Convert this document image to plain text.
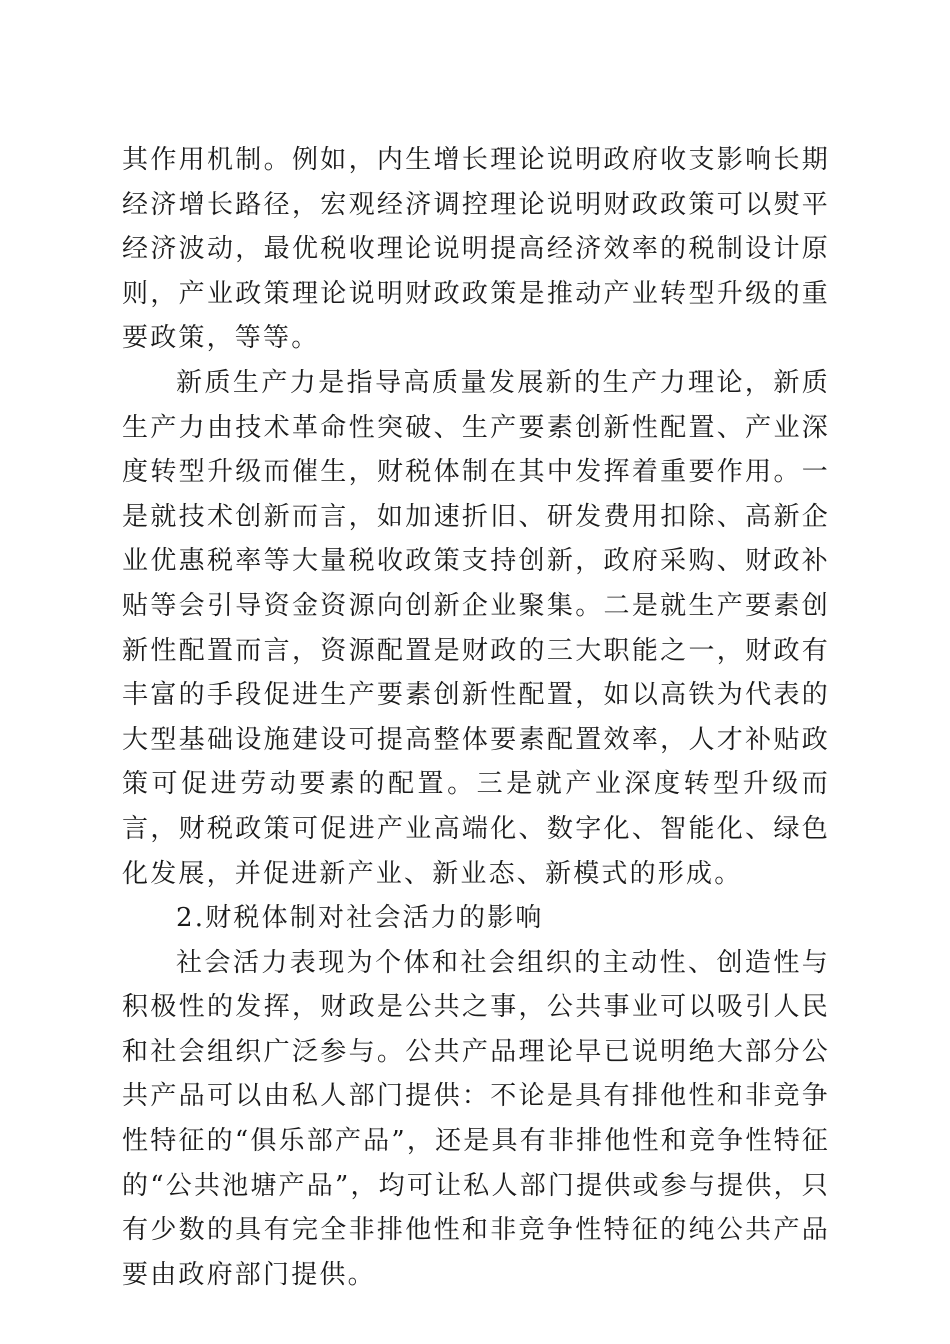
其作用机制。例如，内生增长理论说明政府收支影响长期经济增长路径，宏观经济调控理论说明财政政策可以熨平经济波动，最优税收理论说明提高经济效率的税制设计原则，产业政策理论说明财政政策是推动产业转型升级的重要政策，等等。

新质生产力是指导高质量发展新的生产力理论，新质生产力由技术革命性突破、生产要素创新性配置、产业深度转型升级而催生，财税体制在其中发挥着重要作用。一是就技术创新而言，如加速折旧、研发费用扣除、高新企业优惠税率等大量税收政策支持创新，政府采购、财政补贴等会引导资金资源向创新企业聚集。二是就生产要素创新性配置而言，资源配置是财政的三大职能之一，财政有丰富的手段促进生产要素创新性配置，如以高铁为代表的大型基础设施建设可提高整体要素配置效率，人才补贴政策可促进劳动要素的配置。三是就产业深度转型升级而言，财税政策可促进产业高端化、数字化、智能化、绿色化发展，并促进新产业、新业态、新模式的形成。

2.财税体制对社会活力的影响

社会活力表现为个体和社会组织的主动性、创造性与积极性的发挥，财政是公共之事，公共事业可以吸引人民和社会组织广泛参与。公共产品理论早已说明绝大部分公共产品可以由私人部门提供：不论是具有排他性和非竞争性特征的“俱乐部产品”，还是具有非排他性和竞争性特征的“公共池塘产品”，均可让私人部门提供或参与提供，只有少数的具有完全非排他性和非竞争性特征的纯公共产品要由政府部门提供。
